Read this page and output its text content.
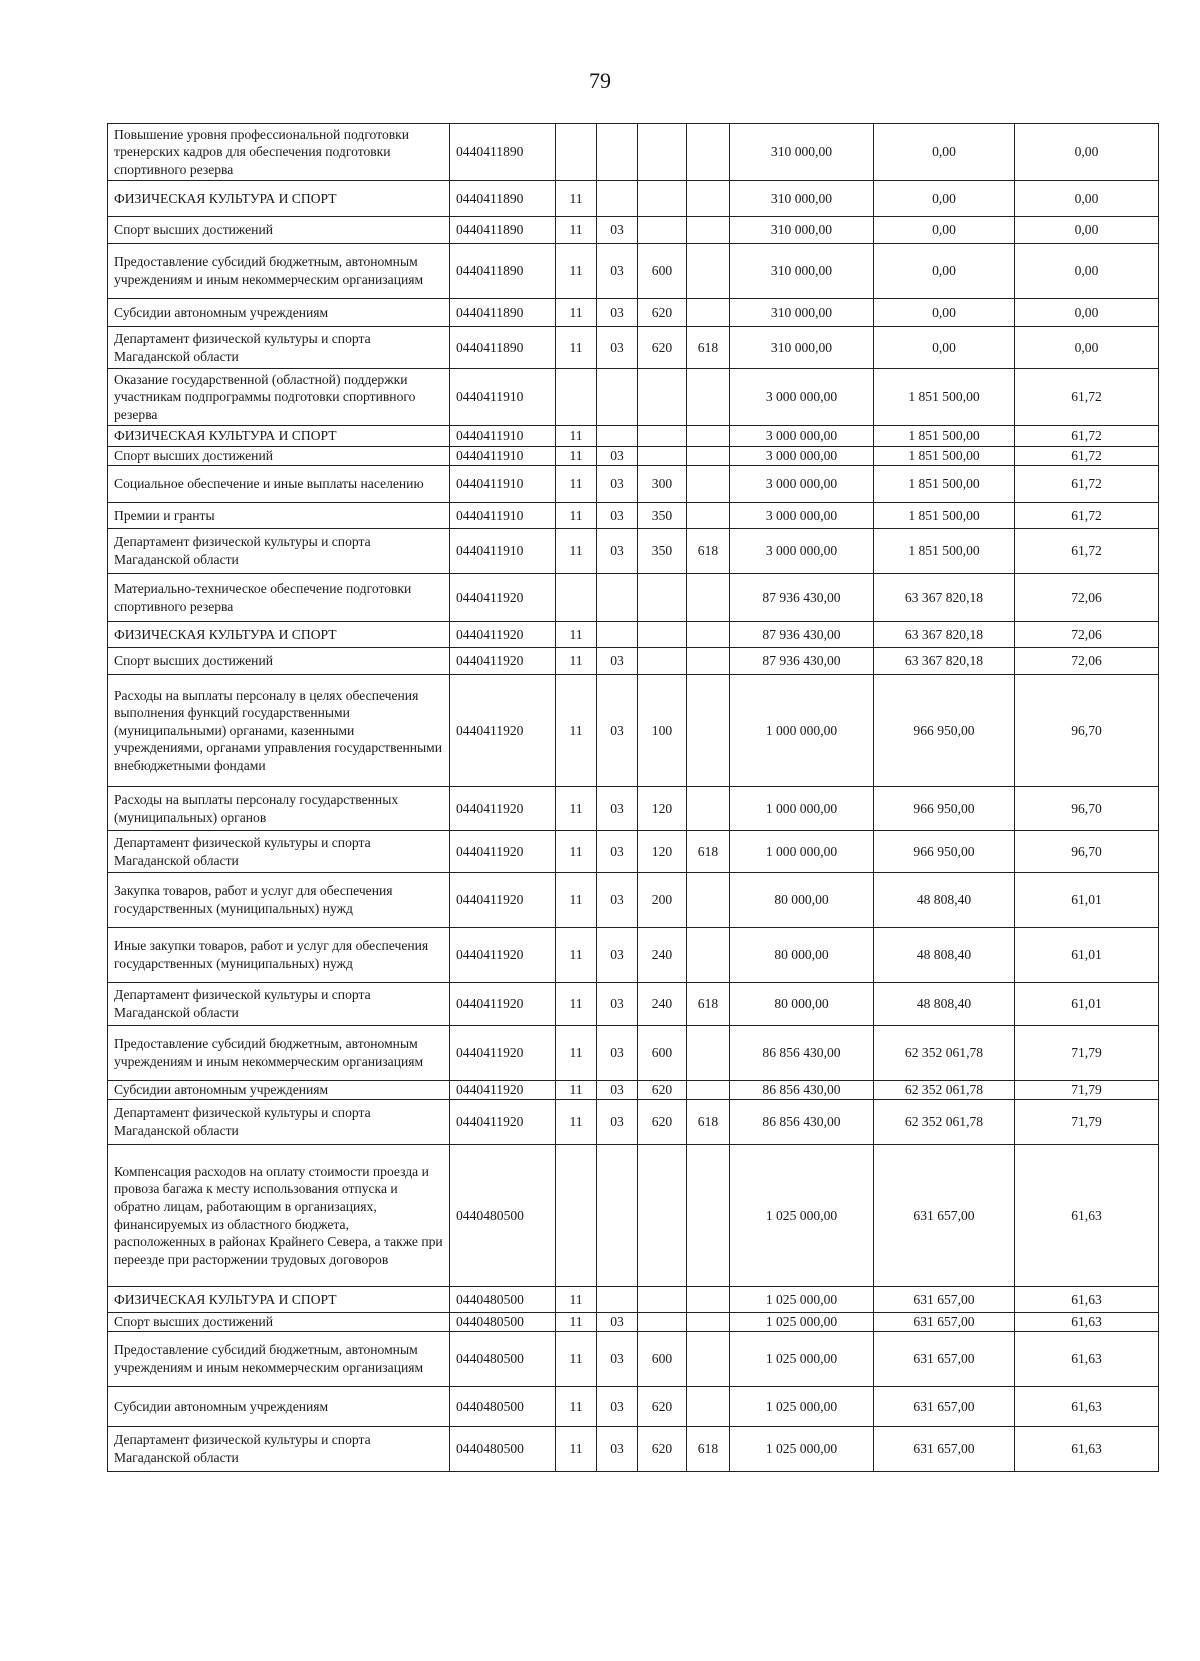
79
Повышение уровня профессиональной подготовки тренерских кадров для обеспечения подготовки спортивного резерва	0440411890					310 000,00	0,00	0,00
ФИЗИЧЕСКАЯ КУЛЬТУРА И СПОРТ	0440411890	11				310 000,00	0,00	0,00
Спорт высших достижений	0440411890	11	03			310 000,00	0,00	0,00
Предоставление субсидий бюджетным, автономным учреждениям и иным некоммерческим организациям	0440411890	11	03	600		310 000,00	0,00	0,00
Субсидии автономным учреждениям	0440411890	11	03	620		310 000,00	0,00	0,00
Департамент физической культуры и спорта Магаданской области	0440411890	11	03	620	618	310 000,00	0,00	0,00
Оказание государственной (областной) поддержки участникам подпрограммы подготовки спортивного резерва	0440411910					3 000 000,00	1 851 500,00	61,72
ФИЗИЧЕСКАЯ КУЛЬТУРА И СПОРТ	0440411910	11				3 000 000,00	1 851 500,00	61,72
Спорт высших достижений	0440411910	11	03			3 000 000,00	1 851 500,00	61,72
Социальное обеспечение и иные выплаты населению	0440411910	11	03	300		3 000 000,00	1 851 500,00	61,72
Премии и гранты	0440411910	11	03	350		3 000 000,00	1 851 500,00	61,72
Департамент физической культуры и спорта Магаданской области	0440411910	11	03	350	618	3 000 000,00	1 851 500,00	61,72
Материально-техническое обеспечение подготовки спортивного резерва	0440411920					87 936 430,00	63 367 820,18	72,06
ФИЗИЧЕСКАЯ КУЛЬТУРА И СПОРТ	0440411920	11				87 936 430,00	63 367 820,18	72,06
Спорт высших достижений	0440411920	11	03			87 936 430,00	63 367 820,18	72,06
Расходы на выплаты персоналу в целях обеспечения выполнения функций государственными (муниципальными) органами, казенными учреждениями, органами управления государственными внебюджетными фондами	0440411920	11	03	100		1 000 000,00	966 950,00	96,70
Расходы на выплаты персоналу государственных (муниципальных) органов	0440411920	11	03	120		1 000 000,00	966 950,00	96,70
Департамент физической культуры и спорта Магаданской области	0440411920	11	03	120	618	1 000 000,00	966 950,00	96,70
Закупка товаров, работ и услуг для обеспечения государственных (муниципальных) нужд	0440411920	11	03	200		80 000,00	48 808,40	61,01
Иные закупки товаров, работ и услуг для обеспечения государственных (муниципальных) нужд	0440411920	11	03	240		80 000,00	48 808,40	61,01
Департамент физической культуры и спорта Магаданской области	0440411920	11	03	240	618	80 000,00	48 808,40	61,01
Предоставление субсидий бюджетным, автономным учреждениям и иным некоммерческим организациям	0440411920	11	03	600		86 856 430,00	62 352 061,78	71,79
Субсидии автономным учреждениям	0440411920	11	03	620		86 856 430,00	62 352 061,78	71,79
Департамент физической культуры и спорта Магаданской области	0440411920	11	03	620	618	86 856 430,00	62 352 061,78	71,79
Компенсация расходов на оплату стоимости проезда и провоза багажа к месту использования отпуска и обратно лицам, работающим в организациях, финансируемых из областного бюджета, расположенных в районах Крайнего Севера, а также при переезде при расторжении трудовых договоров	0440480500					1 025 000,00	631 657,00	61,63
ФИЗИЧЕСКАЯ КУЛЬТУРА И СПОРТ	0440480500	11				1 025 000,00	631 657,00	61,63
Спорт высших достижений	0440480500	11	03			1 025 000,00	631 657,00	61,63
Предоставление субсидий бюджетным, автономным учреждениям и иным некоммерческим организациям	0440480500	11	03	600		1 025 000,00	631 657,00	61,63
Субсидии автономным учреждениям	0440480500	11	03	620		1 025 000,00	631 657,00	61,63
Департамент физической культуры и спорта Магаданской области	0440480500	11	03	620	618	1 025 000,00	631 657,00	61,63
